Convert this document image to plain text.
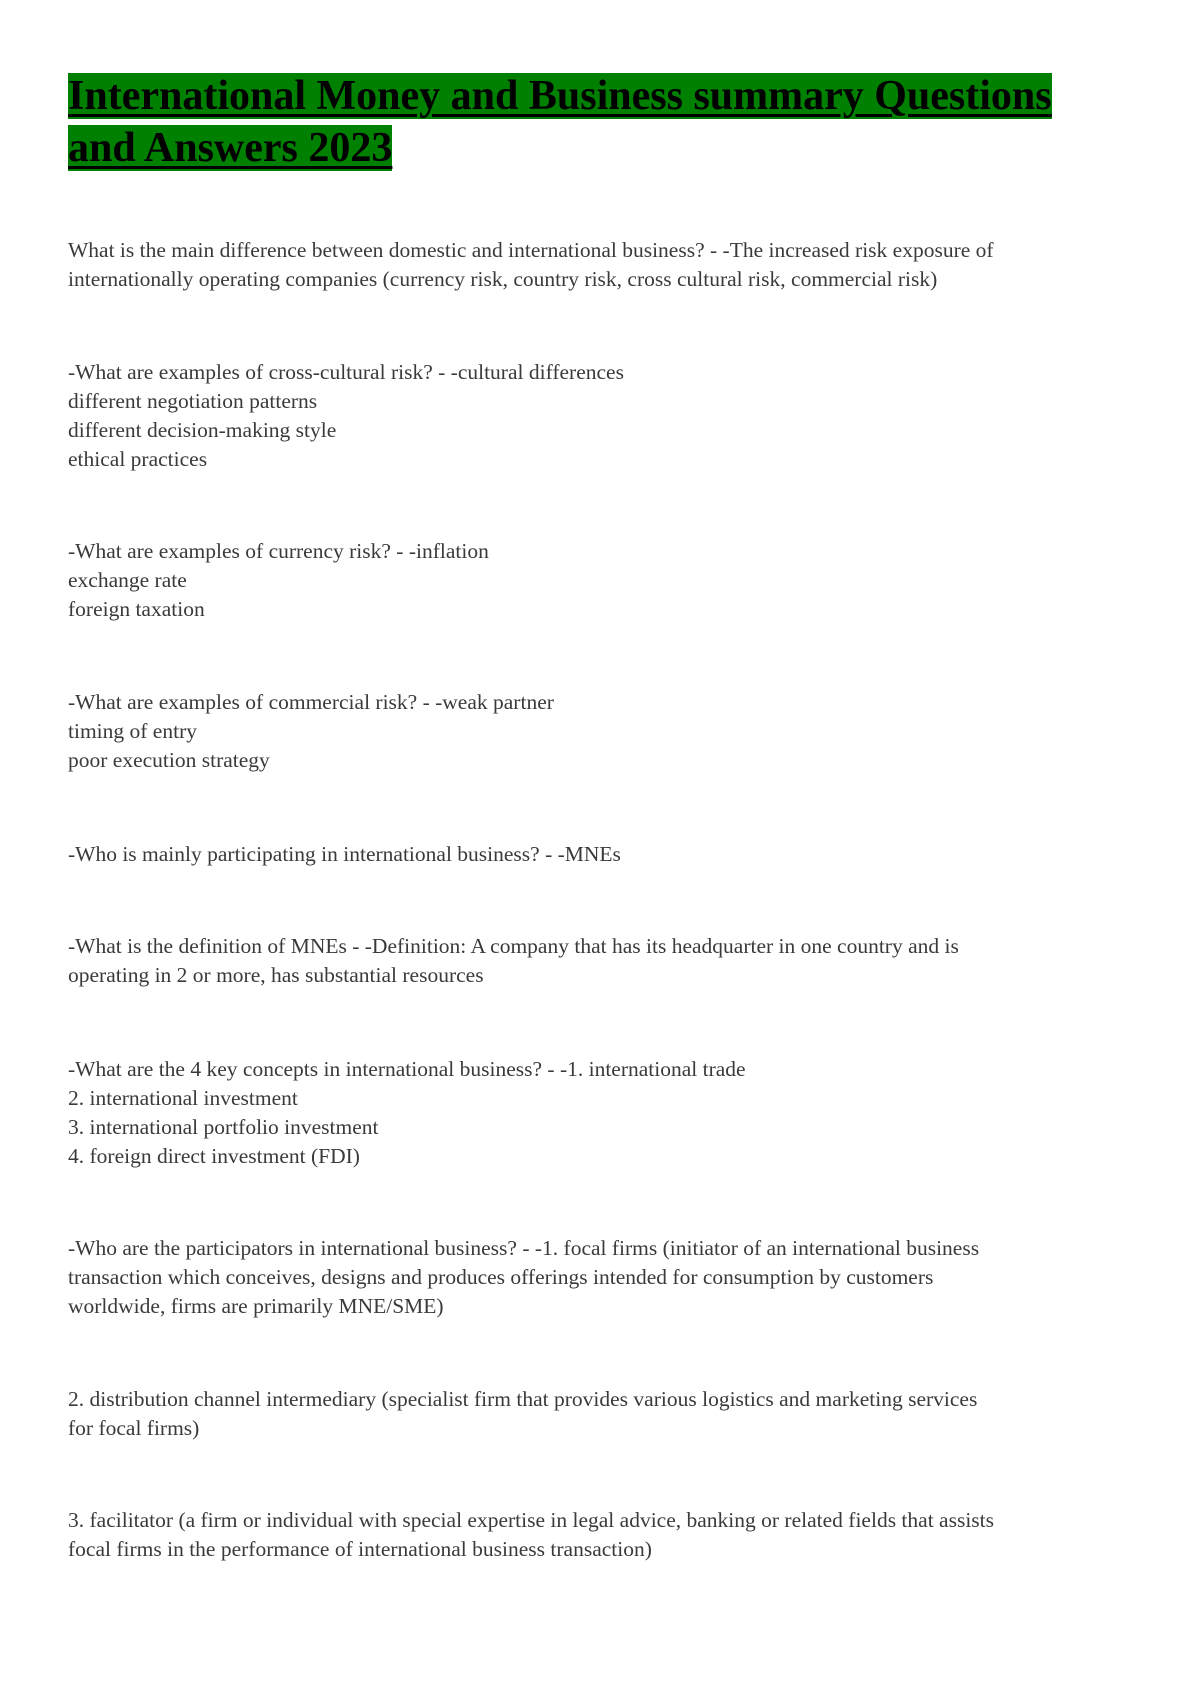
International Money and Business summary Questions
and Answers 2023
What is the main difference between domestic and international business? - -The increased risk exposure of
internationally operating companies (currency risk, country risk, cross cultural risk, commercial risk)
-What are examples of cross-cultural risk? - -cultural differences
different negotiation patterns
different decision-making style
ethical practices
-What are examples of currency risk? - -inflation
exchange rate
foreign taxation
-What are examples of commercial risk? - -weak partner
timing of entry
poor execution strategy
-Who is mainly participating in international business? - -MNEs
-What is the definition of MNEs - -Definition: A company that has its headquarter in one country and is
operating in 2 or more, has substantial resources
-What are the 4 key concepts in international business? - -1. international trade
2. international investment
3. international portfolio investment
4. foreign direct investment (FDI)
-Who are the participators in international business? - -1. focal firms (initiator of an international business
transaction which conceives, designs and produces offerings intended for consumption by customers
worldwide, firms are primarily MNE/SME)
2. distribution channel intermediary (specialist firm that provides various logistics and marketing services
for focal firms)
3. facilitator (a firm or individual with special expertise in legal advice, banking or related fields that assists
focal firms in the performance of international business transaction)
